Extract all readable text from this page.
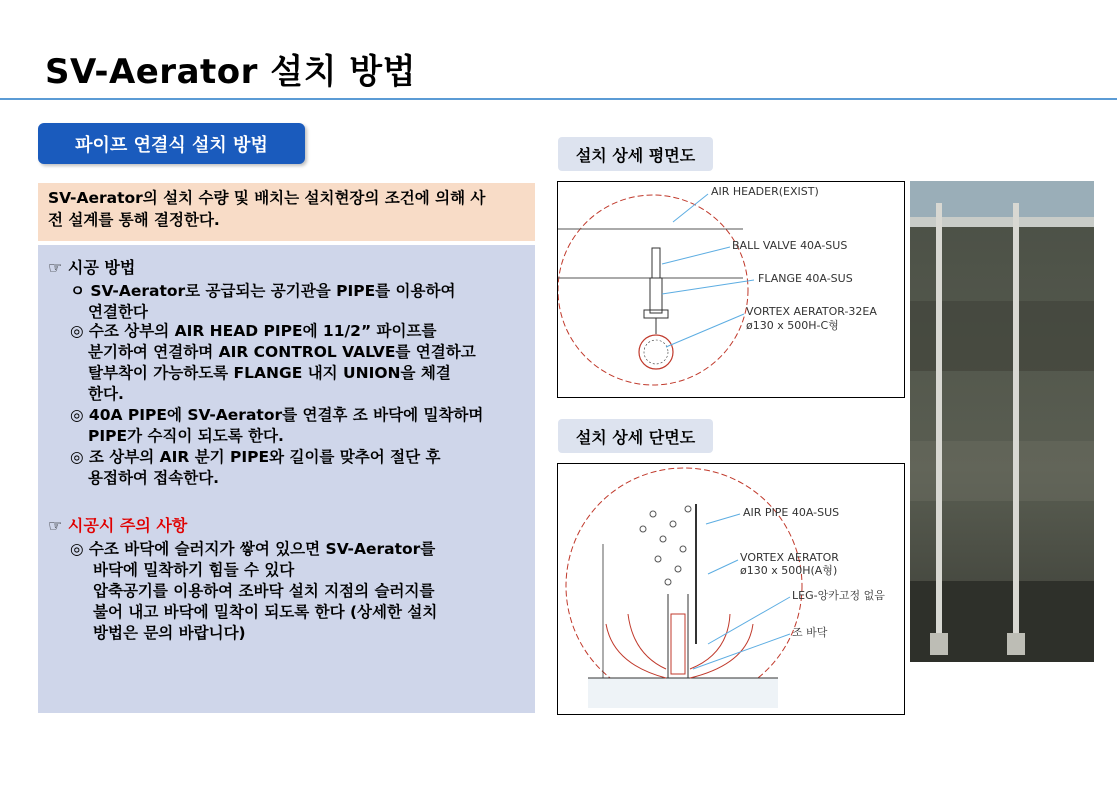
SV-Aerator 설치 방법
파이프 연결식 설치 방법
SV-Aerator의 설치 수량 및 배치는 설치현장의 조건에 의해 사
전 설계를 통해 결정한다.
☞ 시공 방법
ㅇ SV-Aerator로 공급되는 공기관을 PIPE를 이용하여
연결한다
◎ 수조 상부의 AIR HEAD PIPE에 11/2” 파이프를
분기하여 연결하며 AIR CONTROL VALVE를 연결하고
탈부착이 가능하도록 FLANGE 내지 UNION을 체결
한다.
◎ 40A PIPE에 SV-Aerator를 연결후 조 바닥에 밀착하며
PIPE가 수직이 되도록 한다.
◎ 조 상부의 AIR 분기 PIPE와 길이를 맞추어 절단 후
용접하여 접속한다.
☞ 시공시 주의 사항
◎ 수조 바닥에 슬러지가 쌓여 있으면 SV-Aerator를
바닥에 밀착하기 힘들 수 있다
압축공기를 이용하여 조바닥 설치 지점의 슬러지를
불어 내고 바닥에 밀착이 되도록 한다 (상세한 설치
방법은 문의 바랍니다)
설치 상세 평면도
AIR HEADER(EXIST)
BALL VALVE 40A-SUS
FLANGE 40A-SUS
VORTEX AERATOR-32EA
ø130 x 500H-C형
설치 상세 단면도
AIR PIPE 40A-SUS
VORTEX AERATOR
ø130 x 500H(A형)
LEG-앙카고정 없음
조 바닥
